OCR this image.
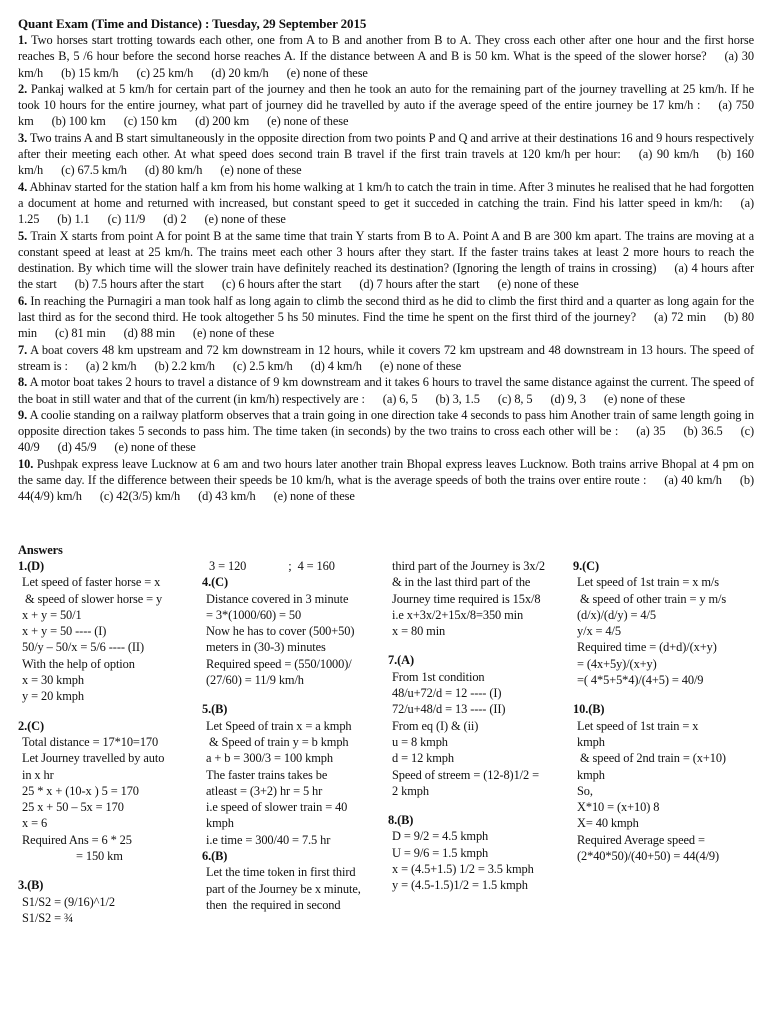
Quant Exam (Time and Distance) : Tuesday, 29 September 2015
1. Two horses start trotting towards each other, one from A to B and another from B to A. They cross each other after one hour and the first horse reaches B, 5 /6 hour before the second horse reaches A. If the distance between A and B is 50 km. What is the speed of the slower horse? (a) 30 km/h (b) 15 km/h (c) 25 km/h (d) 20 km/h (e) none of these
2. Pankaj walked at 5 km/h for certain part of the journey and then he took an auto for the remaining part of the journey travelling at 25 km/h. If he took 10 hours for the entire journey, what part of journey did he travelled by auto if the average speed of the entire journey be 17 km/h : (a) 750 km (b) 100 km (c) 150 km (d) 200 km (e) none of these
3. Two trains A and B start simultaneously in the opposite direction from two points P and Q and arrive at their destinations 16 and 9 hours respectively after their meeting each other. At what speed does second train B travel if the first train travels at 120 km/h per hour: (a) 90 km/h (b) 160 km/h (c) 67.5 km/h (d) 80 km/h (e) none of these
4. Abhinav started for the station half a km from his home walking at 1 km/h to catch the train in time. After 3 minutes he realised that he had forgotten a document at home and returned with increased, but constant speed to get it succeded in catching the train. Find his latter speed in km/h: (a) 1.25 (b) 1.1 (c) 11/9 (d) 2 (e) none of these
5. Train X starts from point A for point B at the same time that train Y starts from B to A. Point A and B are 300 km apart. The trains are moving at a constant speed at least at 25 km/h. The trains meet each other 3 hours after they start. If the faster trains takes at least 2 more hours to reach the destination. By which time will the slower train have definitely reached its destination? (Ignoring the length of trains in crossing) (a) 4 hours after the start (b) 7.5 hours after the start (c) 6 hours after the start (d) 7 hours after the start (e) none of these
6. In reaching the Purnagiri a man took half as long again to climb the second third as he did to climb the first third and a quarter as long again for the last third as for the second third. He took altogether 5 hs 50 minutes. Find the time he spent on the first third of the journey? (a) 72 min (b) 80 min (c) 81 min (d) 88 min (e) none of these
7. A boat covers 48 km upstream and 72 km downstream in 12 hours, while it covers 72 km upstream and 48 downstream in 13 hours. The speed of stream is : (a) 2 km/h (b) 2.2 km/h (c) 2.5 km/h (d) 4 km/h (e) none of these
8. A motor boat takes 2 hours to travel a distance of 9 km downstream and it takes 6 hours to travel the same distance against the current. The speed of the boat in still water and that of the current (in km/h) respectively are : (a) 6, 5 (b) 3, 1.5 (c) 8, 5 (d) 9, 3 (e) none of these
9. A coolie standing on a railway platform observes that a train going in one direction take 4 seconds to pass him Another train of same length going in opposite direction takes 5 seconds to pass him. The time taken (in seconds) by the two trains to cross each other will be : (a) 35 (b) 36.5 (c) 40/9 (d) 45/9 (e) none of these
10. Pushpak express leave Lucknow at 6 am and two hours later another train Bhopal express leaves Lucknow. Both trains arrive Bhopal at 4 pm on the same day. If the difference between their speeds be 10 km/h, what is the average speeds of both the trains over entire route : (a) 40 km/h (b) 44(4/9) km/h (c) 42(3/5) km/h (d) 43 km/h (e) none of these
Answers
1.(D)
Let speed of faster horse = x
& speed of slower horse = y
x + y = 50/1
x + y = 50 ---- (I)
50/y – 50/x = 5/6 ---- (II)
With the help of option
x = 30 kmph
y = 20 kmph
2.(C)
Total distance = 17*10=170
Let Journey travelled by auto
in x hr
25 * x + (10-x ) 5 = 170
25 x + 50 – 5x = 170
x = 6
Required Ans = 6 * 25
= 150 km
3.(B)
S1/S2 = (9/16)^1/2
S1/S2 = ¾
3 = 120              ;  4 = 160
4.(C)
Distance covered in 3 minute
= 3*(1000/60) = 50
Now he has to cover (500+50)
meters in (30-3) minutes
Required speed = (550/1000)/
(27/60) = 11/9 km/h
5.(B)
Let Speed of train x = a kmph
& Speed of train y = b kmph
a + b = 300/3 = 100 kmph
The faster trains takes be
atleast = (3+2) hr = 5 hr
i.e speed of slower train = 40
kmph
i.e time = 300/40 = 7.5 hr
6.(B)
Let the time token in first third
part of the Journey be x minute,
then  the required in second
third part of the Journey is 3x/2
& in the last third part of the
Journey time required is 15x/8
i.e x+3x/2+15x/8=350 min
x = 80 min
7.(A)
From 1st condition
48/u+72/d = 12 ---- (I)
72/u+48/d = 13 ---- (II)
From eq (I) & (ii)
u = 8 kmph
d = 12 kmph
Speed of streem = (12-8)1/2 =
2 kmph
8.(B)
D = 9/2 = 4.5 kmph
U = 9/6 = 1.5 kmph
x = (4.5+1.5) 1/2 = 3.5 kmph
y = (4.5-1.5)1/2 = 1.5 kmph
9.(C)
Let speed of 1st train = x m/s
& speed of other train = y m/s
(d/x)/(d/y) = 4/5
y/x = 4/5
Required time = (d+d)/(x+y)
= (4x+5y)/(x+y)
=( 4*5+5*4)/(4+5) = 40/9
10.(B)
Let speed of 1st train = x
kmph
& speed of 2nd train = (x+10)
kmph
So,
X*10 = (x+10) 8
X= 40 kmph
Required Average speed =
(2*40*50)/(40+50) = 44(4/9)
